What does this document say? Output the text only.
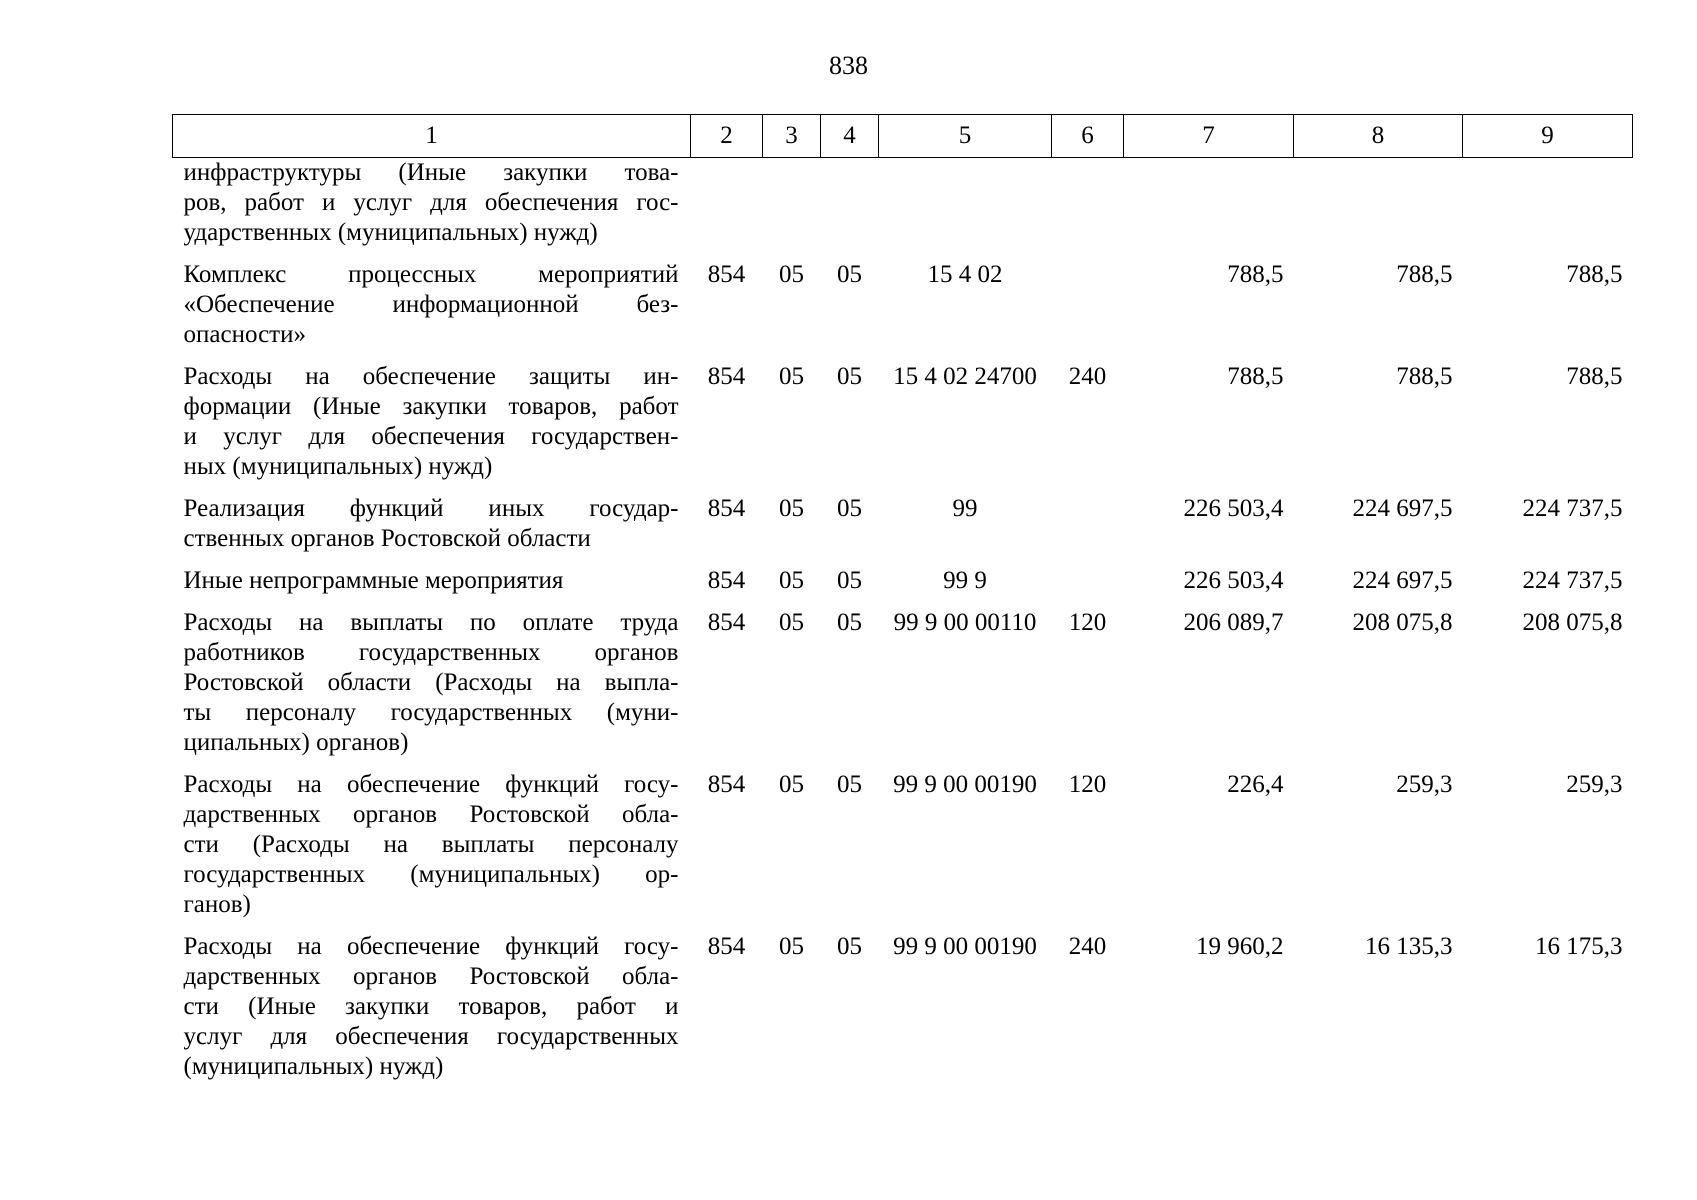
838
1	2	3	4	5	6	7	8	9

инфраструктуры (Иные закупки това-
ров, работ и услуг для обеспечения гос-
ударственных (муниципальных) нужд)								

Комплекс процессных мероприятий
«Обеспечение информационной без-
опасности»	854	05	05	15 4 02		788,5	788,5	788,5

Расходы на обеспечение защиты ин-
формации (Иные закупки товаров, работ
и услуг для обеспечения государствен-
ных (муниципальных) нужд)	854	05	05	15 4 02 24700	240	788,5	788,5	788,5

Реализация функций иных государ-
ственных органов Ростовской области	854	05	05	99		226 503,4	224 697,5	224 737,5

Иные непрограммные мероприятия	854	05	05	99 9		226 503,4	224 697,5	224 737,5

Расходы на выплаты по оплате труда
работников государственных органов
Ростовской области (Расходы на выпла-
ты персоналу государственных (муни-
ципальных) органов)	854	05	05	99 9 00 00110	120	206 089,7	208 075,8	208 075,8

Расходы на обеспечение функций госу-
дарственных органов Ростовской обла-
сти (Расходы на выплаты персоналу
государственных (муниципальных) ор-
ганов)	854	05	05	99 9 00 00190	120	226,4	259,3	259,3

Расходы на обеспечение функций госу-
дарственных органов Ростовской обла-
сти (Иные закупки товаров, работ и
услуг для обеспечения государственных
(муниципальных) нужд)	854	05	05	99 9 00 00190	240	19 960,2	16 135,3	16 175,3
